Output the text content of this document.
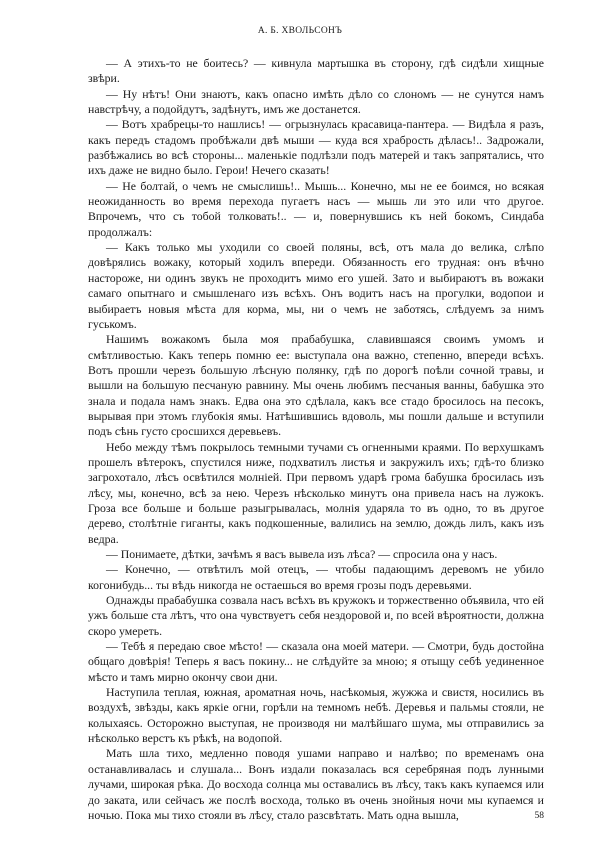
А. Б. ХВОЛЬСОНЪ

— А этихъ-то не боитесь? — кивнула мартышка въ сторону, гдѣ сидѣли хищные звѣри.

— Ну нѣтъ! Они знаютъ, какъ опасно имѣть дѣло со слономъ — не сунутся намъ навстрѣчу, а подойдутъ, задѣнутъ, имъ же достанется.

— Вотъ храбрецы-то нашлись! — огрызнулась красавица-пантера. — Видѣла я разъ, какъ передъ стадомъ пробѣжали двѣ мыши — куда вся храбрость дѣлась!.. Задрожали, разбѣжались во всѣ стороны... маленькіе подлѣзли подъ матерей и такъ запрятались, что ихъ даже не видно было. Герои! Нечего сказать!

— Не болтай, о чемъ не смыслишь!.. Мышь... Конечно, мы не ее боимся, но всякая неожиданность во время перехода пугаетъ насъ — мышь ли это или что другое. Впрочемъ, что съ тобой толковать!.. — и, повернувшись къ ней бокомъ, Синдаба продолжалъ:

— Какъ только мы уходили со своей поляны, всѣ, отъ мала до велика, слѣпо довѣрялись вожаку, который ходилъ впереди. Обязанность его трудная: онъ вѣчно настороже, ни одинъ звукъ не проходитъ мимо его ушей. Зато и выбираютъ въ вожаки самаго опытнаго и смышленаго изъ всѣхъ. Онъ водитъ насъ на прогулки, водопои и выбираетъ новыя мѣста для корма, мы, ни о чемъ не заботясь, слѣдуемъ за нимъ гуськомъ.

Нашимъ вожакомъ была моя прабабушка, славившаяся своимъ умомъ и смѣтливостью. Какъ теперь помню ее: выступала она важно, степенно, впереди всѣхъ. Вотъ прошли черезъ большую лѣсную полянку, гдѣ по дорогѣ поѣли сочной травы, и вышли на большую песчаную равнину. Мы очень любимъ песчаныя ванны, бабушка это знала и подала намъ знакъ. Едва она это сдѣлала, какъ все стадо бросилось на песокъ, вырывая при этомъ глубокія ямы. Натѣшившись вдоволь, мы пошли дальше и вступили подъ сѣнь густо сросшихся деревьевъ.

Небо между тѣмъ покрылось темными тучами съ огненными краями. По верхушкамъ прошелъ вѣтерокъ, спустился ниже, подхватилъ листья и закружилъ ихъ; гдѣ-то близко загрохотало, лѣсъ освѣтился молніей. При первомъ ударѣ грома бабушка бросилась изъ лѣсу, мы, конечно, всѣ за нею. Черезъ нѣсколько минутъ она привела насъ на лужокъ. Гроза все больше и больше разыгрывалась, молнія ударяла то въ одно, то въ другое дерево, столѣтніе гиганты, какъ подкошенные, валились на землю, дождь лилъ, какъ изъ ведра.

— Понимаете, дѣтки, зачѣмъ я васъ вывела изъ лѣса? — спросила она у насъ.

— Конечно, — отвѣтилъ мой отецъ, — чтобы падающимъ деревомъ не убило когонибудь... ты вѣдь никогда не остаешься во время грозы подъ деревьями.

Однажды прабабушка созвала насъ всѣхъ въ кружокъ и торжественно объявила, что ей ужъ больше ста лѣтъ, что она чувствуетъ себя нездоровой и, по всей вѣроятности, должна скоро умереть.

— Тебѣ я передаю свое мѣсто! — сказала она моей матери. — Смотри, будь достойна общаго довѣрія! Теперь я васъ покину... не слѣдуйте за мною; я отыщу себѣ уединенное мѣсто и тамъ мирно окончу свои дни.

Наступила теплая, южная, ароматная ночь, насѣкомыя, жужжа и свистя, носились въ воздухѣ, звѣзды, какъ яркіе огни, горѣли на темномъ небѣ. Деревья и пальмы стояли, не колыхаясь. Осторожно выступая, не производя ни малѣйшаго шума, мы отправились за нѣсколько верстъ къ рѣкѣ, на водопой.

Мать шла тихо, медленно поводя ушами направо и налѣво; по временамъ она останавливалась и слушала... Вонъ издали показалась вся серебряная подъ лунными лучами, широкая рѣка. До восхода солнца мы оставались въ лѣсу, такъ какъ купаемся или до заката, или сейчасъ же послѣ восхода, только въ очень знойныя ночи мы купаемся и ночью. Пока мы тихо стояли въ лѣсу, стало разсвѣтать. Мать одна вышла,	58
